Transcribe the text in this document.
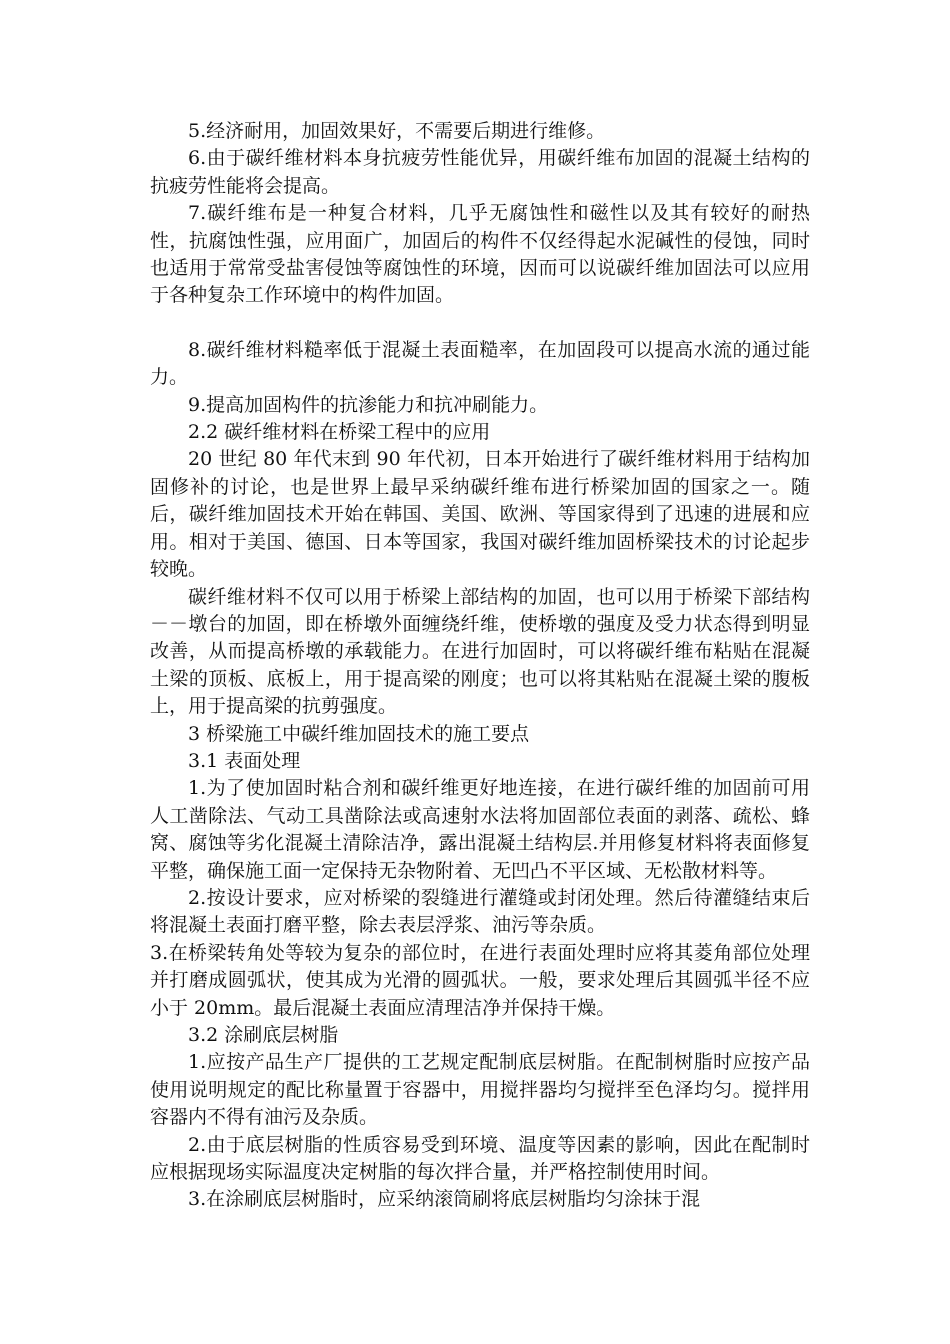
5.经济耐用，加固效果好，不需要后期进行维修。

6.由于碳纤维材料本身抗疲劳性能优异，用碳纤维布加固的混凝土结构的抗疲劳性能将会提高。

7.碳纤维布是一种复合材料，几乎无腐蚀性和磁性以及其有较好的耐热性，抗腐蚀性强，应用面广，加固后的构件不仅经得起水泥碱性的侵蚀，同时也适用于常常受盐害侵蚀等腐蚀性的环境，因而可以说碳纤维加固法可以应用于各种复杂工作环境中的构件加固。

8.碳纤维材料糙率低于混凝土表面糙率，在加固段可以提高水流的通过能力。

9.提高加固构件的抗渗能力和抗冲刷能力。

2.2 碳纤维材料在桥梁工程中的应用

20 世纪 80 年代末到 90 年代初，日本开始进行了碳纤维材料用于结构加固修补的讨论，也是世界上最早采纳碳纤维布进行桥梁加固的国家之一。随后，碳纤维加固技术开始在韩国、美国、欧洲、等国家得到了迅速的进展和应用。相对于美国、德国、日本等国家，我国对碳纤维加固桥梁技术的讨论起步较晚。

碳纤维材料不仅可以用于桥梁上部结构的加固，也可以用于桥梁下部结构－－墩台的加固，即在桥墩外面缠绕纤维，使桥墩的强度及受力状态得到明显改善，从而提高桥墩的承载能力。在进行加固时，可以将碳纤维布粘贴在混凝土梁的顶板、底板上，用于提高梁的刚度；也可以将其粘贴在混凝土梁的腹板上，用于提高梁的抗剪强度。

3 桥梁施工中碳纤维加固技术的施工要点

3.1 表面处理

1.为了使加固时粘合剂和碳纤维更好地连接，在进行碳纤维的加固前可用人工凿除法、气动工具凿除法或高速射水法将加固部位表面的剥落、疏松、蜂窝、腐蚀等劣化混凝土清除洁净，露出混凝土结构层.并用修复材料将表面修复平整，确保施工面一定保持无杂物附着、无凹凸不平区域、无松散材料等。

2.按设计要求，应对桥梁的裂缝进行灌缝或封闭处理。然后待灌缝结束后将混凝土表面打磨平整，除去表层浮浆、油污等杂质。

3.在桥梁转角处等较为复杂的部位时，在进行表面处理时应将其菱角部位处理并打磨成圆弧状，使其成为光滑的圆弧状。一般，要求处理后其圆弧半径不应小于 20mm。最后混凝土表面应清理洁净并保持干燥。

3.2 涂刷底层树脂

1.应按产品生产厂提供的工艺规定配制底层树脂。在配制树脂时应按产品使用说明规定的配比称量置于容器中，用搅拌器均匀搅拌至色泽均匀。搅拌用容器内不得有油污及杂质。

2.由于底层树脂的性质容易受到环境、温度等因素的影响，因此在配制时应根据现场实际温度决定树脂的每次拌合量，并严格控制使用时间。

3.在涂刷底层树脂时，应采纳滚筒刷将底层树脂均匀涂抹于混
